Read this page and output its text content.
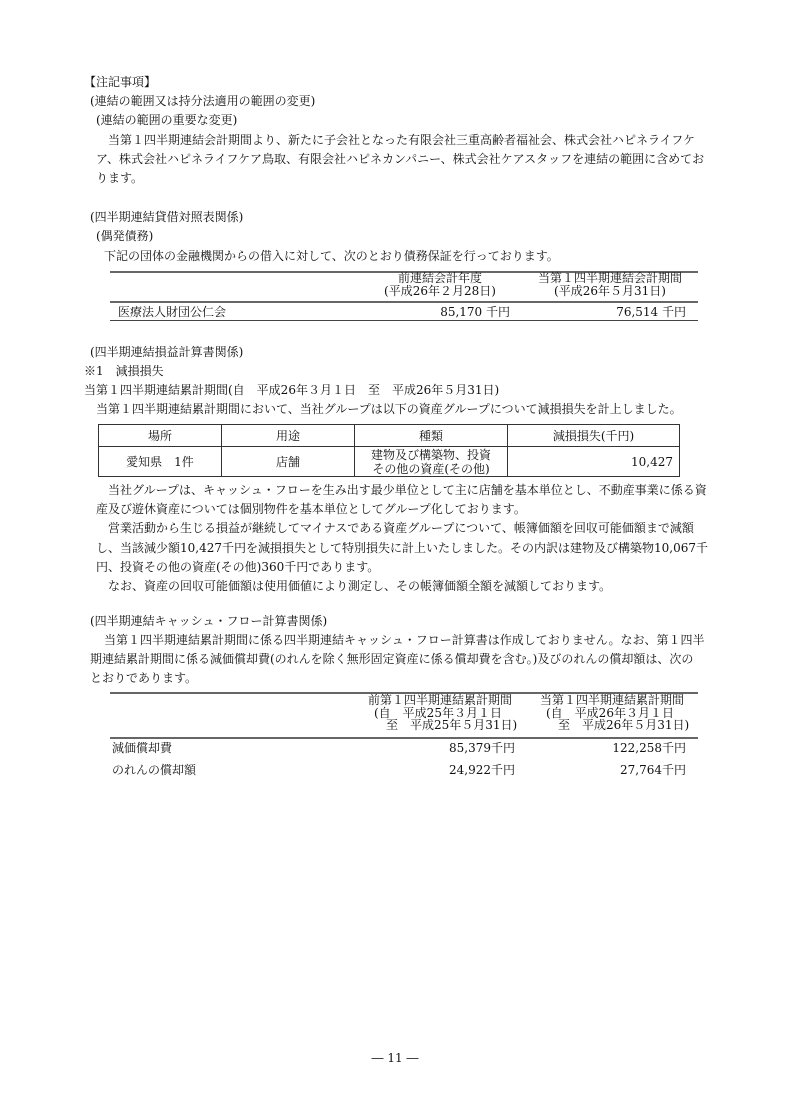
【注記事項】
(連結の範囲又は持分法適用の範囲の変更)
(連結の範囲の重要な変更)
当第１四半期連結会計期間より、新たに子会社となった有限会社三重高齢者福祉会、株式会社ハピネライフケ
ア、株式会社ハピネライフケア鳥取、有限会社ハピネカンパニー、株式会社ケアスタッフを連結の範囲に含めてお
ります。
(四半期連結貸借対照表関係)
(偶発債務)
下記の団体の金融機関からの借入に対して、次のとおり債務保証を行っております。
前連結会計年度
(平成26年２月28日)
当第１四半期連結会計期間
(平成26年５月31日)
医療法人財団公仁会	85,170 千円	76,514 千円
(四半期連結損益計算書関係)
※1　減損損失
当第１四半期連結累計期間(自　平成26年３月１日　至　平成26年５月31日)
当第１四半期連結累計期間において、当社グループは以下の資産グループについて減損損失を計上しました。
場所	用途	種類	減損損失(千円)
愛知県　1件	店舗	建物及び構築物、投資
その他の資産(その他)	10,427
当社グループは、キャッシュ・フローを生み出す最少単位として主に店舗を基本単位とし、不動産事業に係る資
産及び遊休資産については個別物件を基本単位としてグループ化しております。
営業活動から生じる損益が継続してマイナスである資産グループについて、帳簿価額を回収可能価額まで減額
し、当該減少額10,427千円を減損損失として特別損失に計上いたしました。その内訳は建物及び構築物10,067千
円、投資その他の資産(その他)360千円であります。
なお、資産の回収可能価額は使用価値により測定し、その帳簿価額全額を減額しております。
(四半期連結キャッシュ・フロー計算書関係)
当第１四半期連結累計期間に係る四半期連結キャッシュ・フロー計算書は作成しておりません。なお、第１四半
期連結累計期間に係る減価償却費(のれんを除く無形固定資産に係る償却費を含む。)及びのれんの償却額は、次の
とおりであります。
前第１四半期連結累計期間
(自　平成25年３月１日
至　平成25年５月31日)
当第１四半期連結累計期間
(自　平成26年３月１日
至　平成26年５月31日)
減価償却費	85,379千円	122,258千円
のれんの償却額	24,922千円	27,764千円
― 11 ―
